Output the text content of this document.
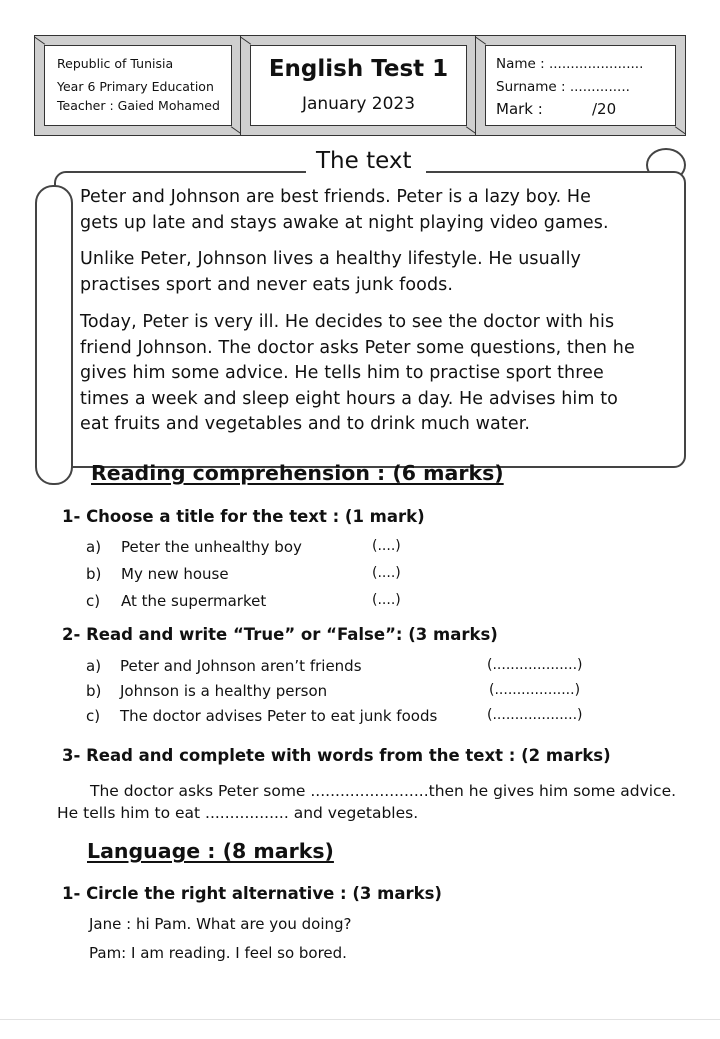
Republic of Tunisia
Year 6 Primary Education
Teacher : Gaied Mohamed
English Test 1
January 2023
Name : ......................
Surname : ..............
Mark :	/20
The text
Peter and Johnson are best friends. Peter is a lazy boy. He
gets up late and stays awake at night playing video games.
Unlike Peter, Johnson lives a healthy lifestyle. He usually
practises sport and never eats junk foods.
Today, Peter is very ill. He decides to see the doctor with his
friend Johnson. The doctor asks Peter some questions, then he
gives him some advice. He tells him to practise sport three
times a week and sleep eight hours a day. He advises him to
eat fruits and vegetables and to drink much water.
Reading comprehension : (6 marks)
1- Choose a title for the text : (1 mark)
a) Peter the unhealthy boy	(....)
b) My new house	(....)
c) At the supermarket	(....)
2- Read and write “True” or “False”: (3 marks)
a) Peter and Johnson aren’t friends	(...................)
b) Johnson is a healthy person	(..................)
c) The doctor advises Peter to eat junk foods	(...................)
3- Read and complete with words from the text : (2 marks)
The doctor asks Peter some ........................then he gives him some advice.
He tells him to eat ................. and vegetables.
Language : (8 marks)
1- Circle the right alternative : (3 marks)
Jane : hi Pam. What are you doing?
Pam: I am reading. I feel so bored.
